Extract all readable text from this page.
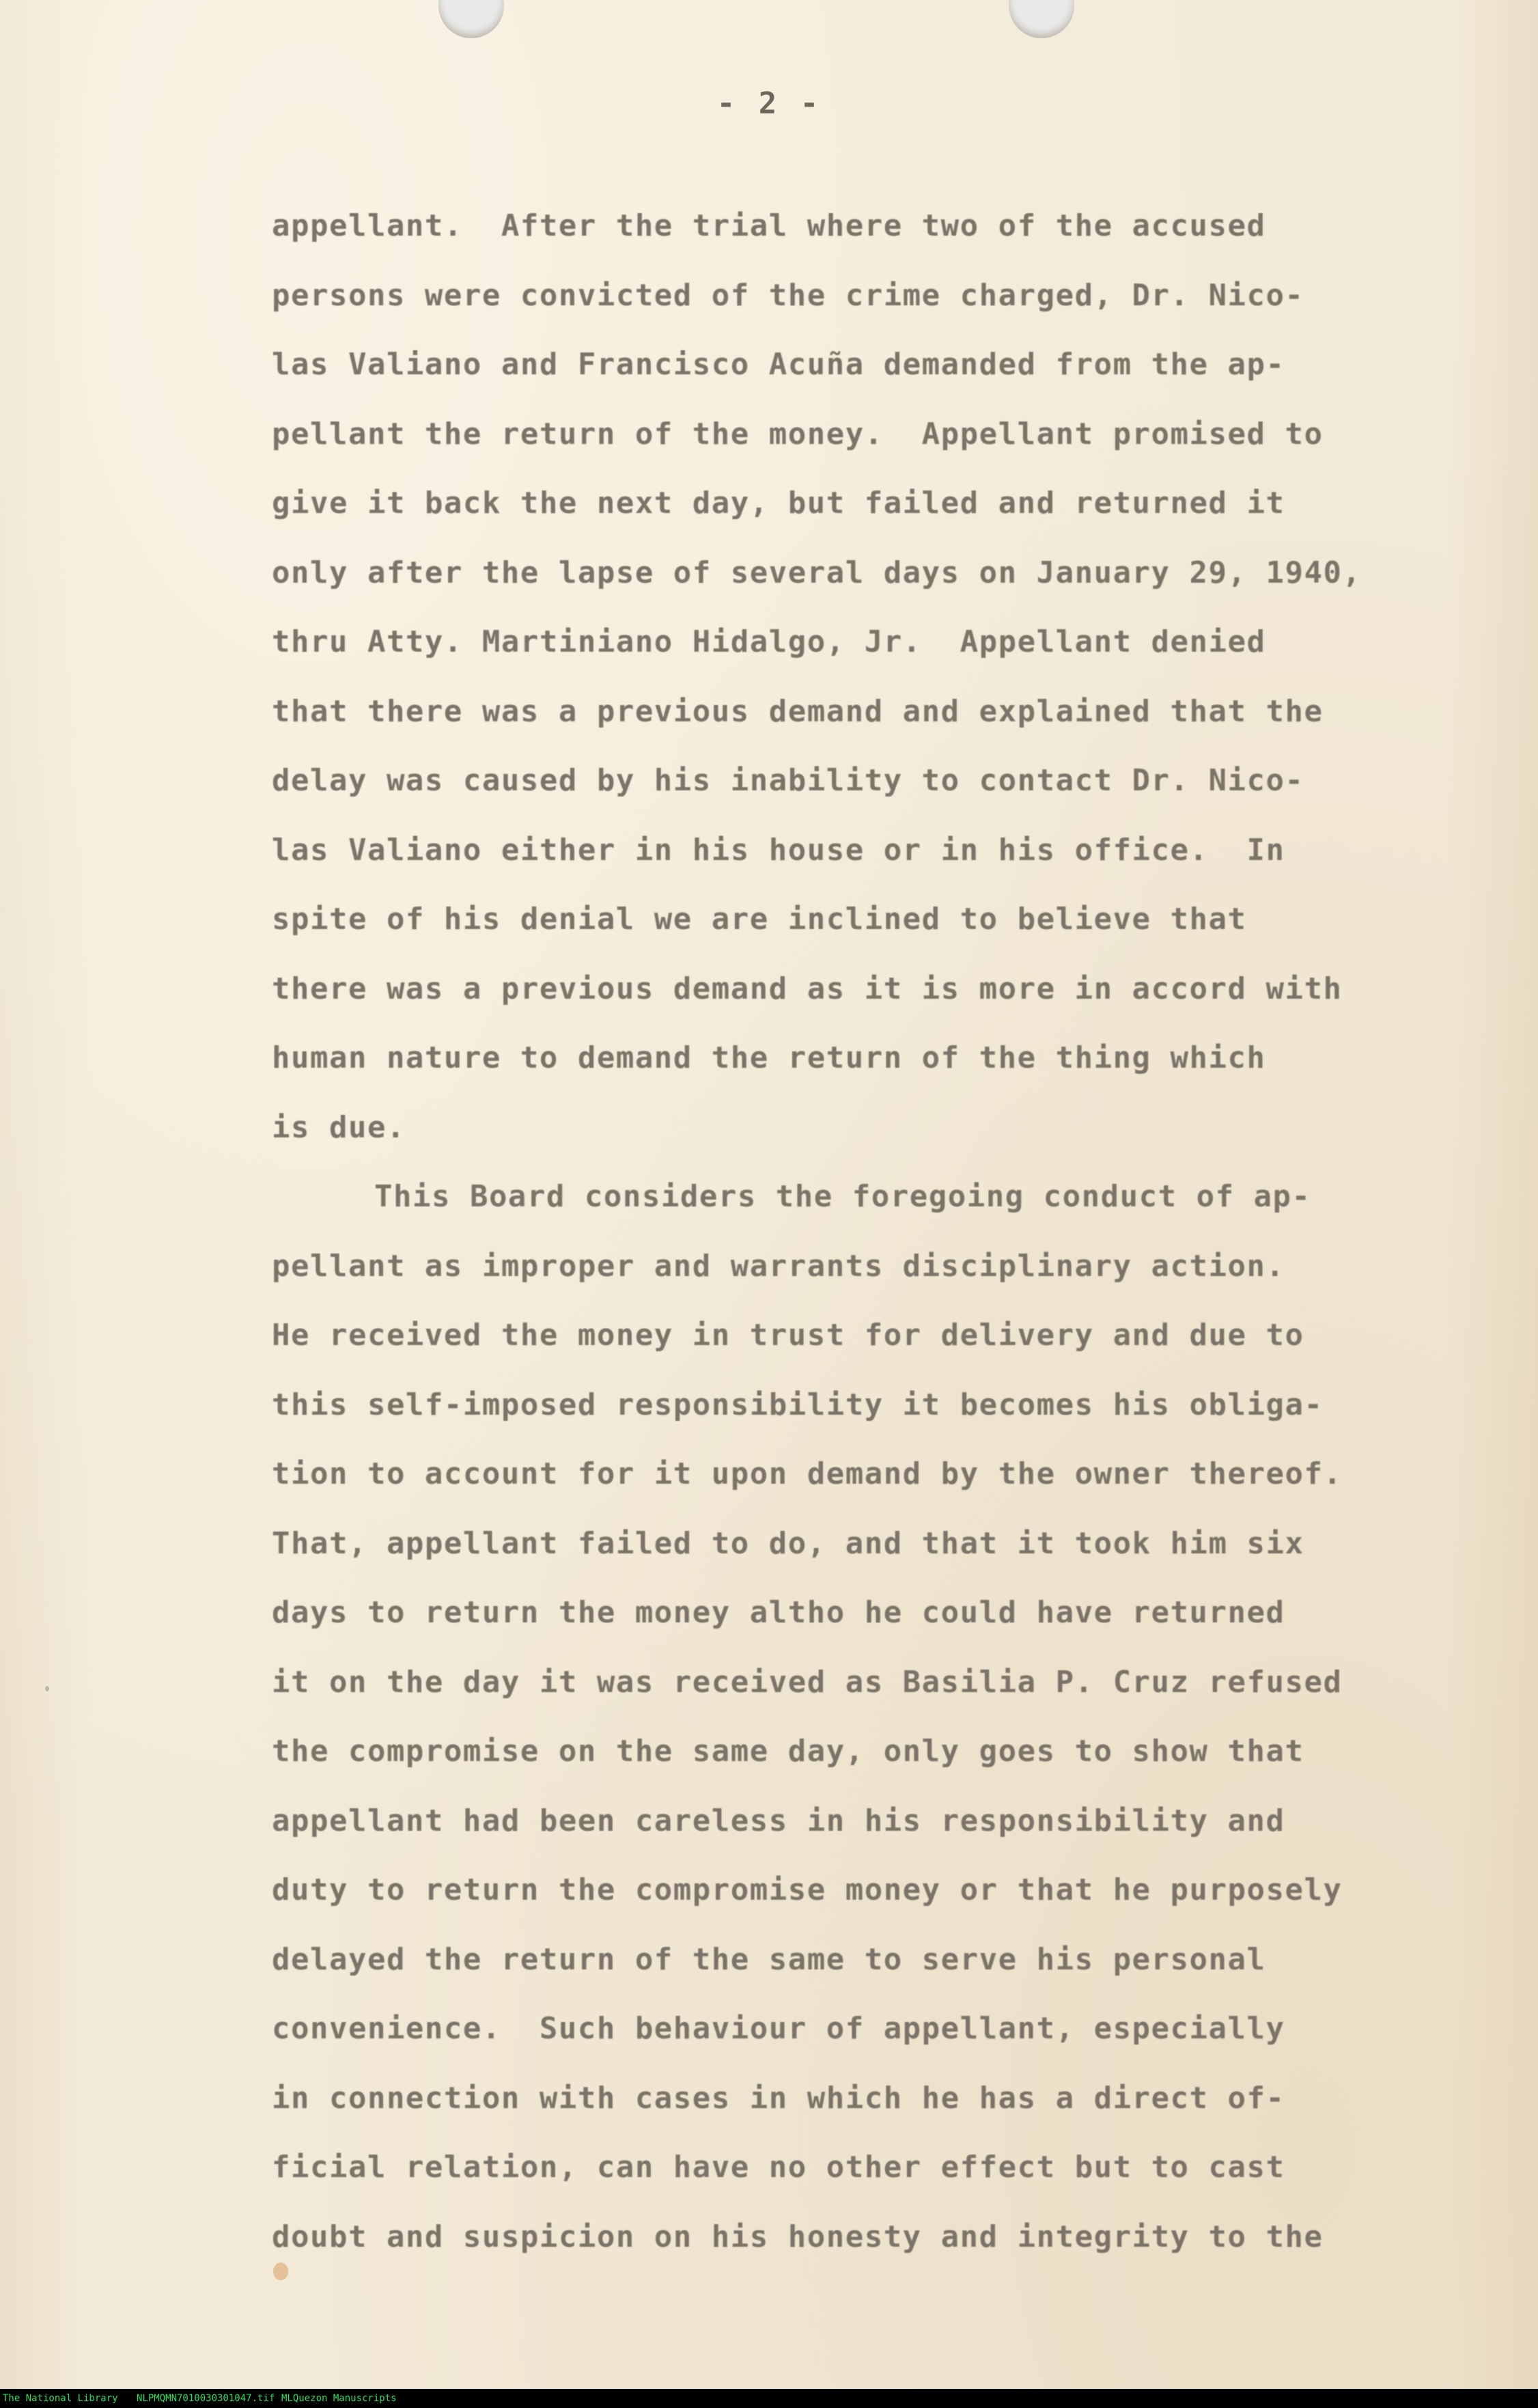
- 2 -
appellant.  After the trial where two of the accused
persons were convicted of the crime charged, Dr. Nico-
las Valiano and Francisco Acuña demanded from the ap-
pellant the return of the money.  Appellant promised to
give it back the next day, but failed and returned it
only after the lapse of several days on January 29, 1940,
thru Atty. Martiniano Hidalgo, Jr.  Appellant denied
that there was a previous demand and explained that the
delay was caused by his inability to contact Dr. Nico-
las Valiano either in his house or in his office.  In
spite of his denial we are inclined to believe that
there was a previous demand as it is more in accord with
human nature to demand the return of the thing which
is due.
This Board considers the foregoing conduct of ap-
pellant as improper and warrants disciplinary action.
He received the money in trust for delivery and due to
this self-imposed responsibility it becomes his obliga-
tion to account for it upon demand by the owner thereof.
That, appellant failed to do, and that it took him six
days to return the money altho he could have returned
it on the day it was received as Basilia P. Cruz refused
the compromise on the same day, only goes to show that
appellant had been careless in his responsibility and
duty to return the compromise money or that he purposely
delayed the return of the same to serve his personal
convenience.  Such behaviour of appellant, especially
in connection with cases in which he has a direct of-
ficial relation, can have no other effect but to cast
doubt and suspicion on his honesty and integrity to the
The National Library NLPMQMN7010030301047.tif MLQuezon Manuscripts
